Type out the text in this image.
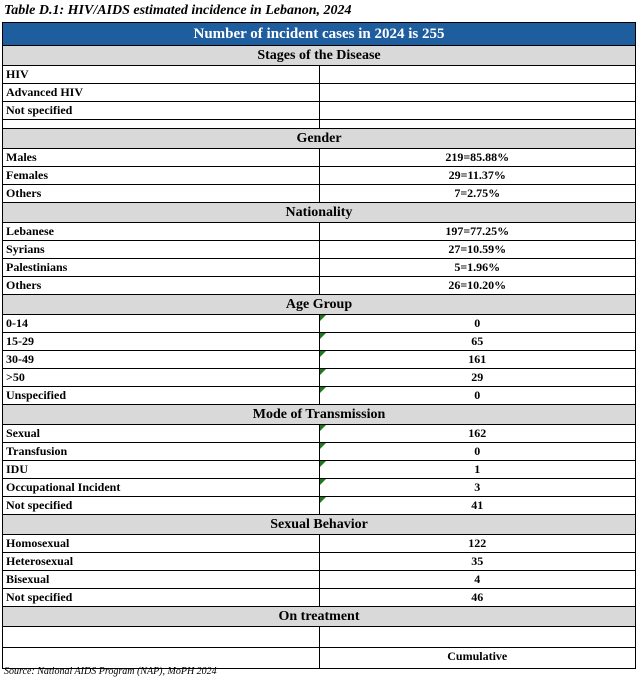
Table D.1: HIV/AIDS estimated incidence in Lebanon, 2024
Number of incident cases in 2024 is 255	
Stages of the Disease	
HIV	
Advanced HIV	
Not specified	

Gender	
Males	219=85.88%
Females	29=11.37%
Others	7=2.75%
Nationality	
Lebanese	197=77.25%
Syrians	27=10.59%
Palestinians	5=1.96%
Others	26=10.20%
Age Group	
0-14	0
15-29	65
30-49	161
>50	29
Unspecified	0
Mode of Transmission	
Sexual	162
Transfusion	0
IDU	1
Occupational Incident	3
Not specified	41
Sexual Behavior	
Homosexual	122
Heterosexual	35
Bisexual	4
Not specified	46
On treatment	

	Cumulative
Source: National AIDS Program (NAP), MoPH 2024
